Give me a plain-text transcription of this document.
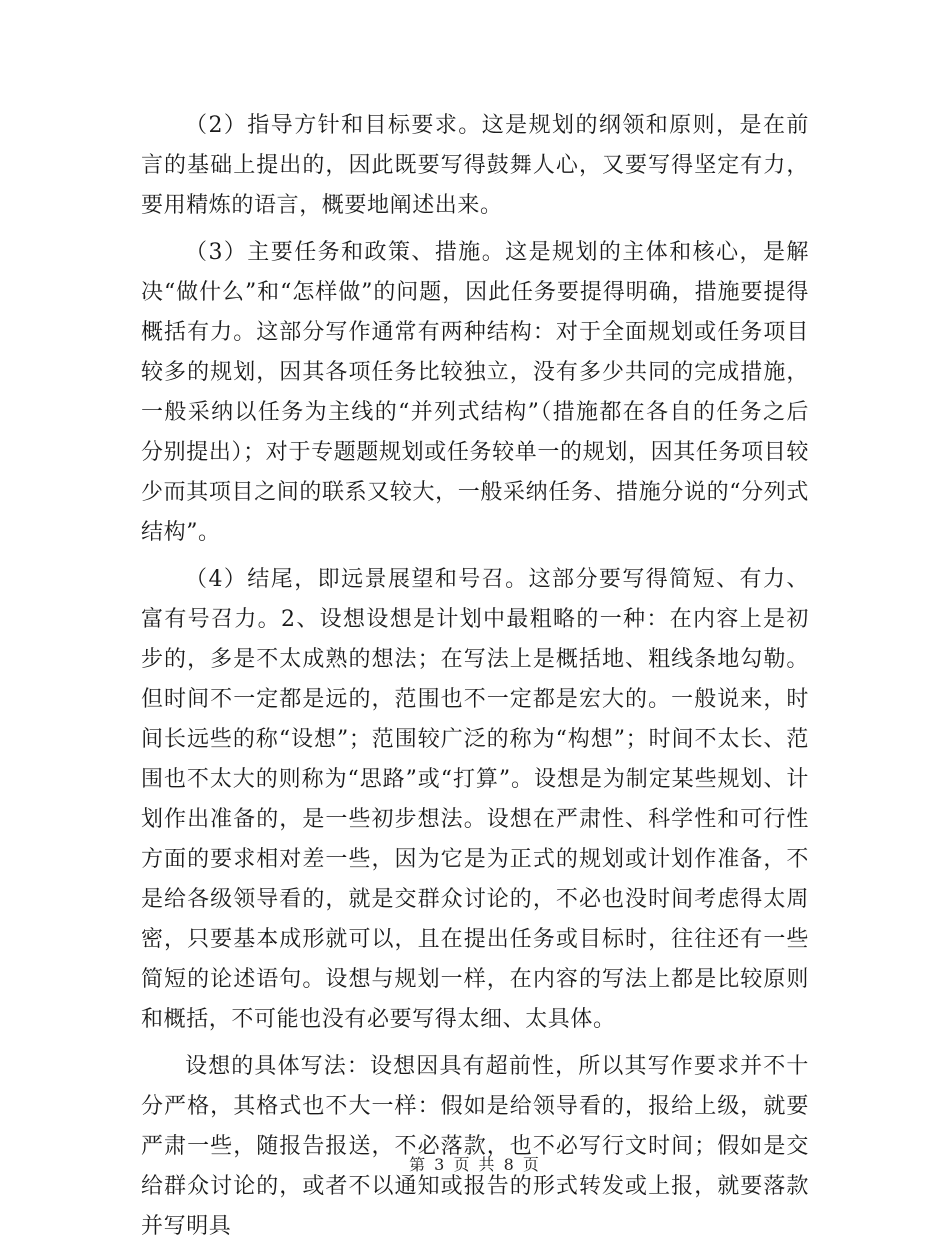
（2）指导方针和目标要求。这是规划的纲领和原则，是在前言的基础上提出的，因此既要写得鼓舞人心，又要写得坚定有力，要用精炼的语言，概要地阐述出来。

（3）主要任务和政策、措施。这是规划的主体和核心，是解决“做什么”和“怎样做”的问题，因此任务要提得明确，措施要提得概括有力。这部分写作通常有两种结构：对于全面规划或任务项目较多的规划，因其各项任务比较独立，没有多少共同的完成措施，一般采纳以任务为主线的“并列式结构”（措施都在各自的任务之后分别提出）；对于专题题规划或任务较单一的规划，因其任务项目较少而其项目之间的联系又较大，一般采纳任务、措施分说的“分列式结构”。

（4）结尾，即远景展望和号召。这部分要写得简短、有力、富有号召力。2、设想设想是计划中最粗略的一种：在内容上是初步的，多是不太成熟的想法；在写法上是概括地、粗线条地勾勒。但时间不一定都是远的，范围也不一定都是宏大的。一般说来，时间长远些的称“设想”；范围较广泛的称为“构想”；时间不太长、范围也不太大的则称为“思路”或“打算”。设想是为制定某些规划、计划作出准备的，是一些初步想法。设想在严肃性、科学性和可行性方面的要求相对差一些，因为它是为正式的规划或计划作准备，不是给各级领导看的，就是交群众讨论的，不必也没时间考虑得太周密，只要基本成形就可以，且在提出任务或目标时，往往还有一些简短的论述语句。设想与规划一样，在内容的写法上都是比较原则和概括，不可能也没有必要写得太细、太具体。

设想的具体写法：设想因具有超前性，所以其写作要求并不十分严格，其格式也不大一样：假如是给领导看的，报给上级，就要严肃一些，随报告报送，不必落款，也不必写行文时间；假如是交给群众讨论的，或者不以通知或报告的形式转发或上报，就要落款并写明具

第 3 页 共 8 页
